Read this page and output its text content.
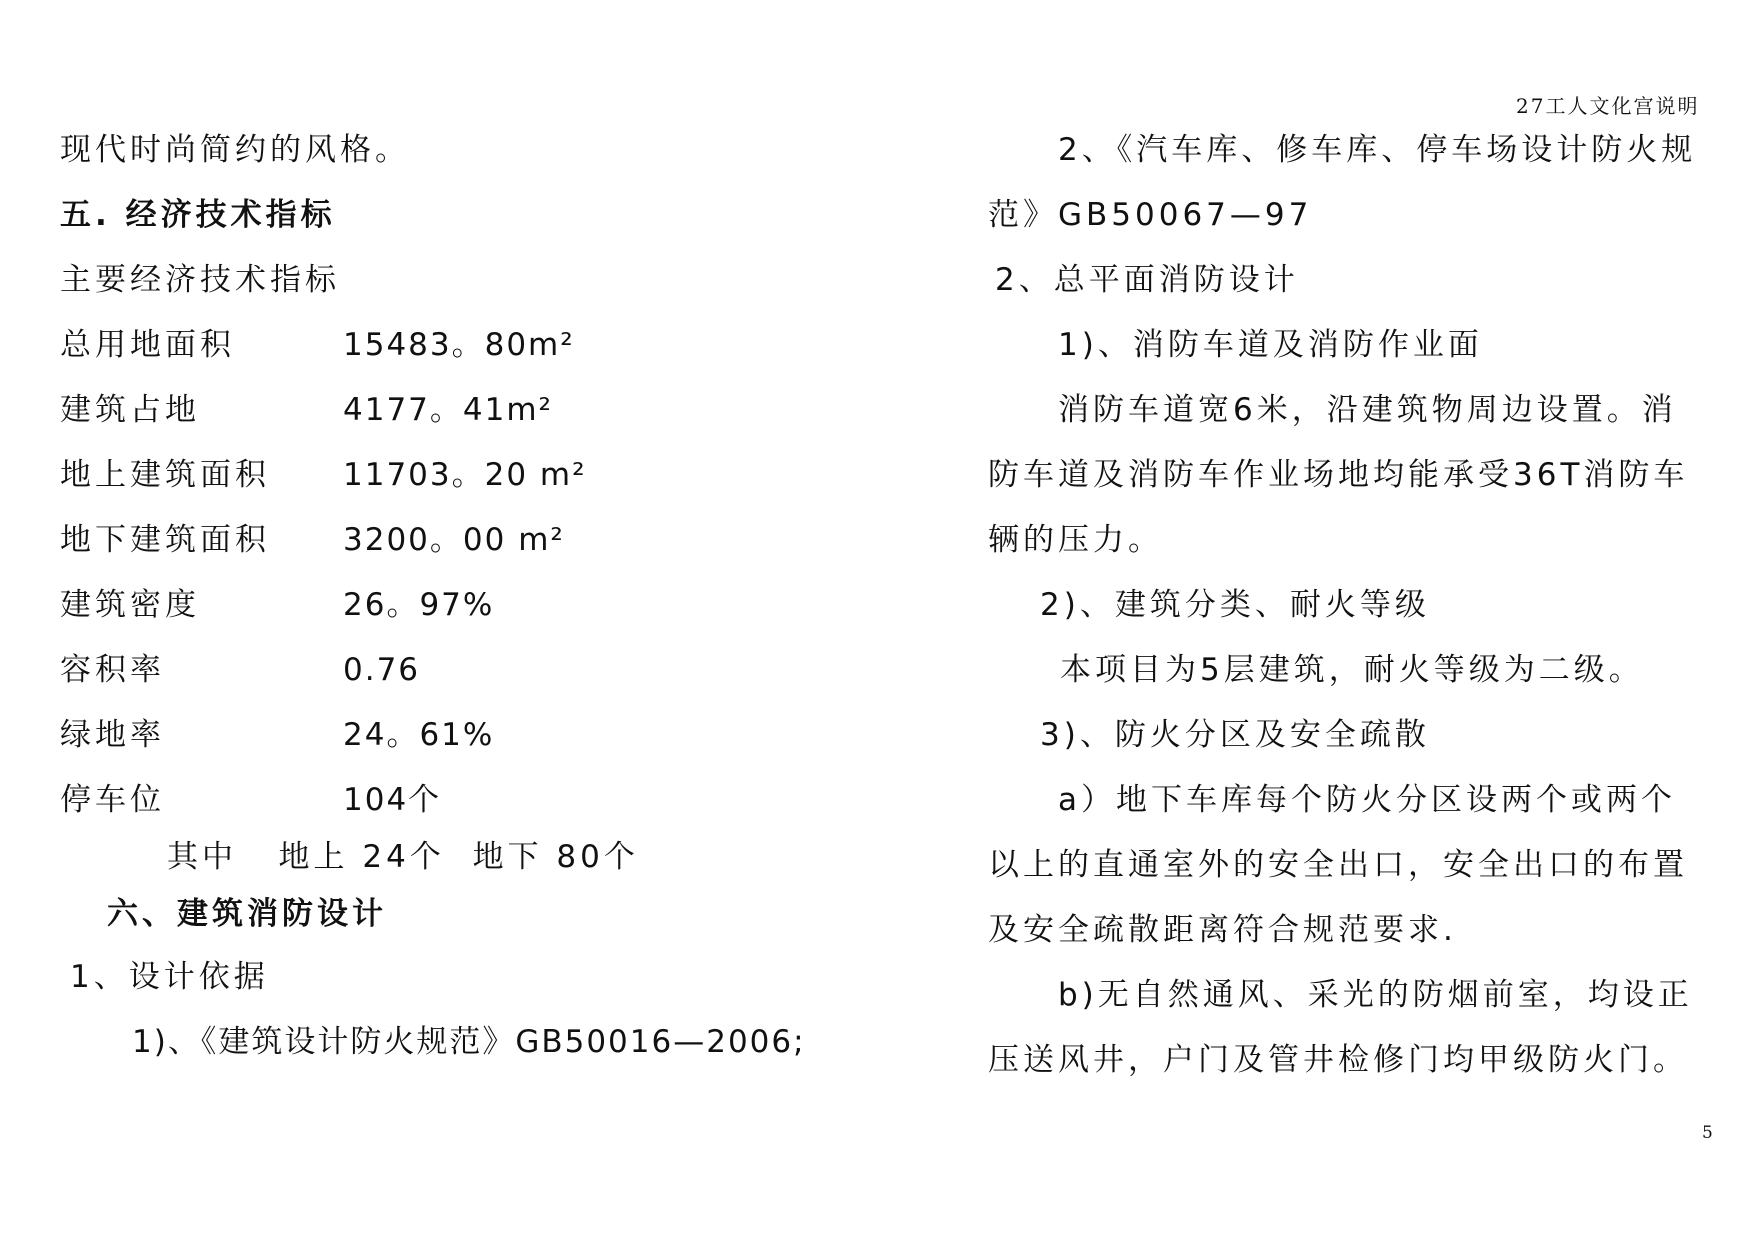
27工人文化宫说明
5
现代时尚简约的风格。
五. 经济技术指标
主要经济技术指标
总用地面积	15483。80m²
建筑占地	4177。41m²
地上建筑面积 11703。20 m²
地下建筑面积 3200。00 m²
建筑密度	26。97%
容积率	0.76
绿地率	24。61%
停车位	104个
其中   地上 24个  地下 80个
六、建筑消防设计
1、设计依据
1)、《建筑设计防火规范》GB50016—2006;
2、《汽车库、修车库、停车场设计防火规
范》GB50067—97
2、总平面消防设计
1)、消防车道及消防作业面
消防车道宽6米，沿建筑物周边设置。消
防车道及消防车作业场地均能承受36T消防车
辆的压力。
2)、建筑分类、耐火等级
本项目为5层建筑，耐火等级为二级。
3)、防火分区及安全疏散
a）地下车库每个防火分区设两个或两个
以上的直通室外的安全出口，安全出口的布置
及安全疏散距离符合规范要求.
b)无自然通风、采光的防烟前室，均设正
压送风井，户门及管井检修门均甲级防火门。
